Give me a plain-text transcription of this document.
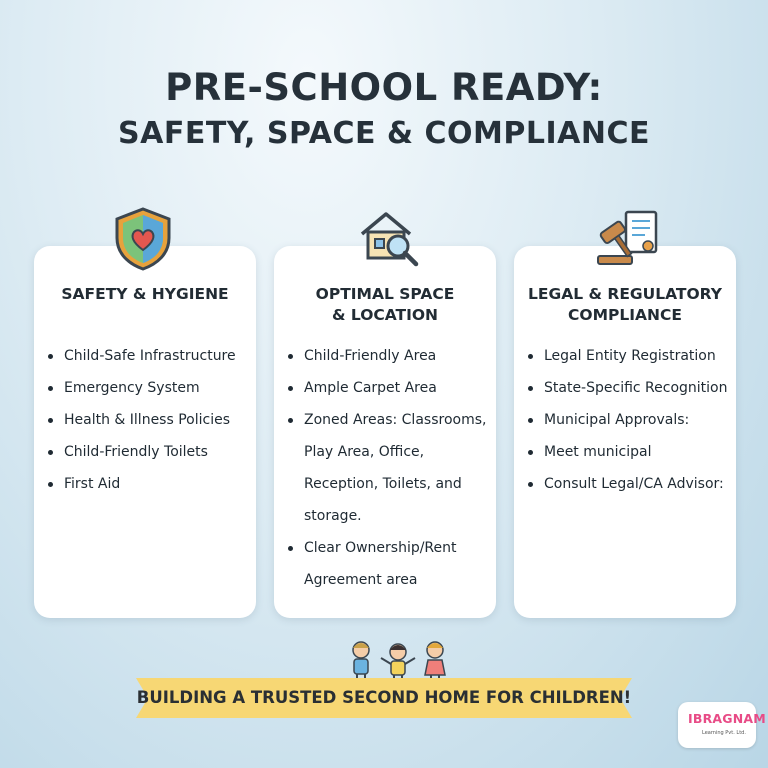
PRE-SCHOOL READY:
SAFETY, SPACE & COMPLIANCE
SAFETY & HYGIENE
Child-Safe Infrastructure
Emergency System
Health & Illness Policies
Child-Friendly Toilets
First Aid
OPTIMAL SPACE
& LOCATION
Child-Friendly Area
Ample Carpet Area
Zoned Areas: Classrooms, Play Area, Office, Reception, Toilets, and storage.
Clear Ownership/Rent Agreement area
LEGAL & REGULATORY
COMPLIANCE
Legal Entity Registration
State-Specific Recognition
Municipal Approvals:
Meet municipal
Consult Legal/CA Advisor:
BUILDING A TRUSTED SECOND HOME FOR CHILDREN!
IBRAGNAM
Learning Pvt. Ltd.
